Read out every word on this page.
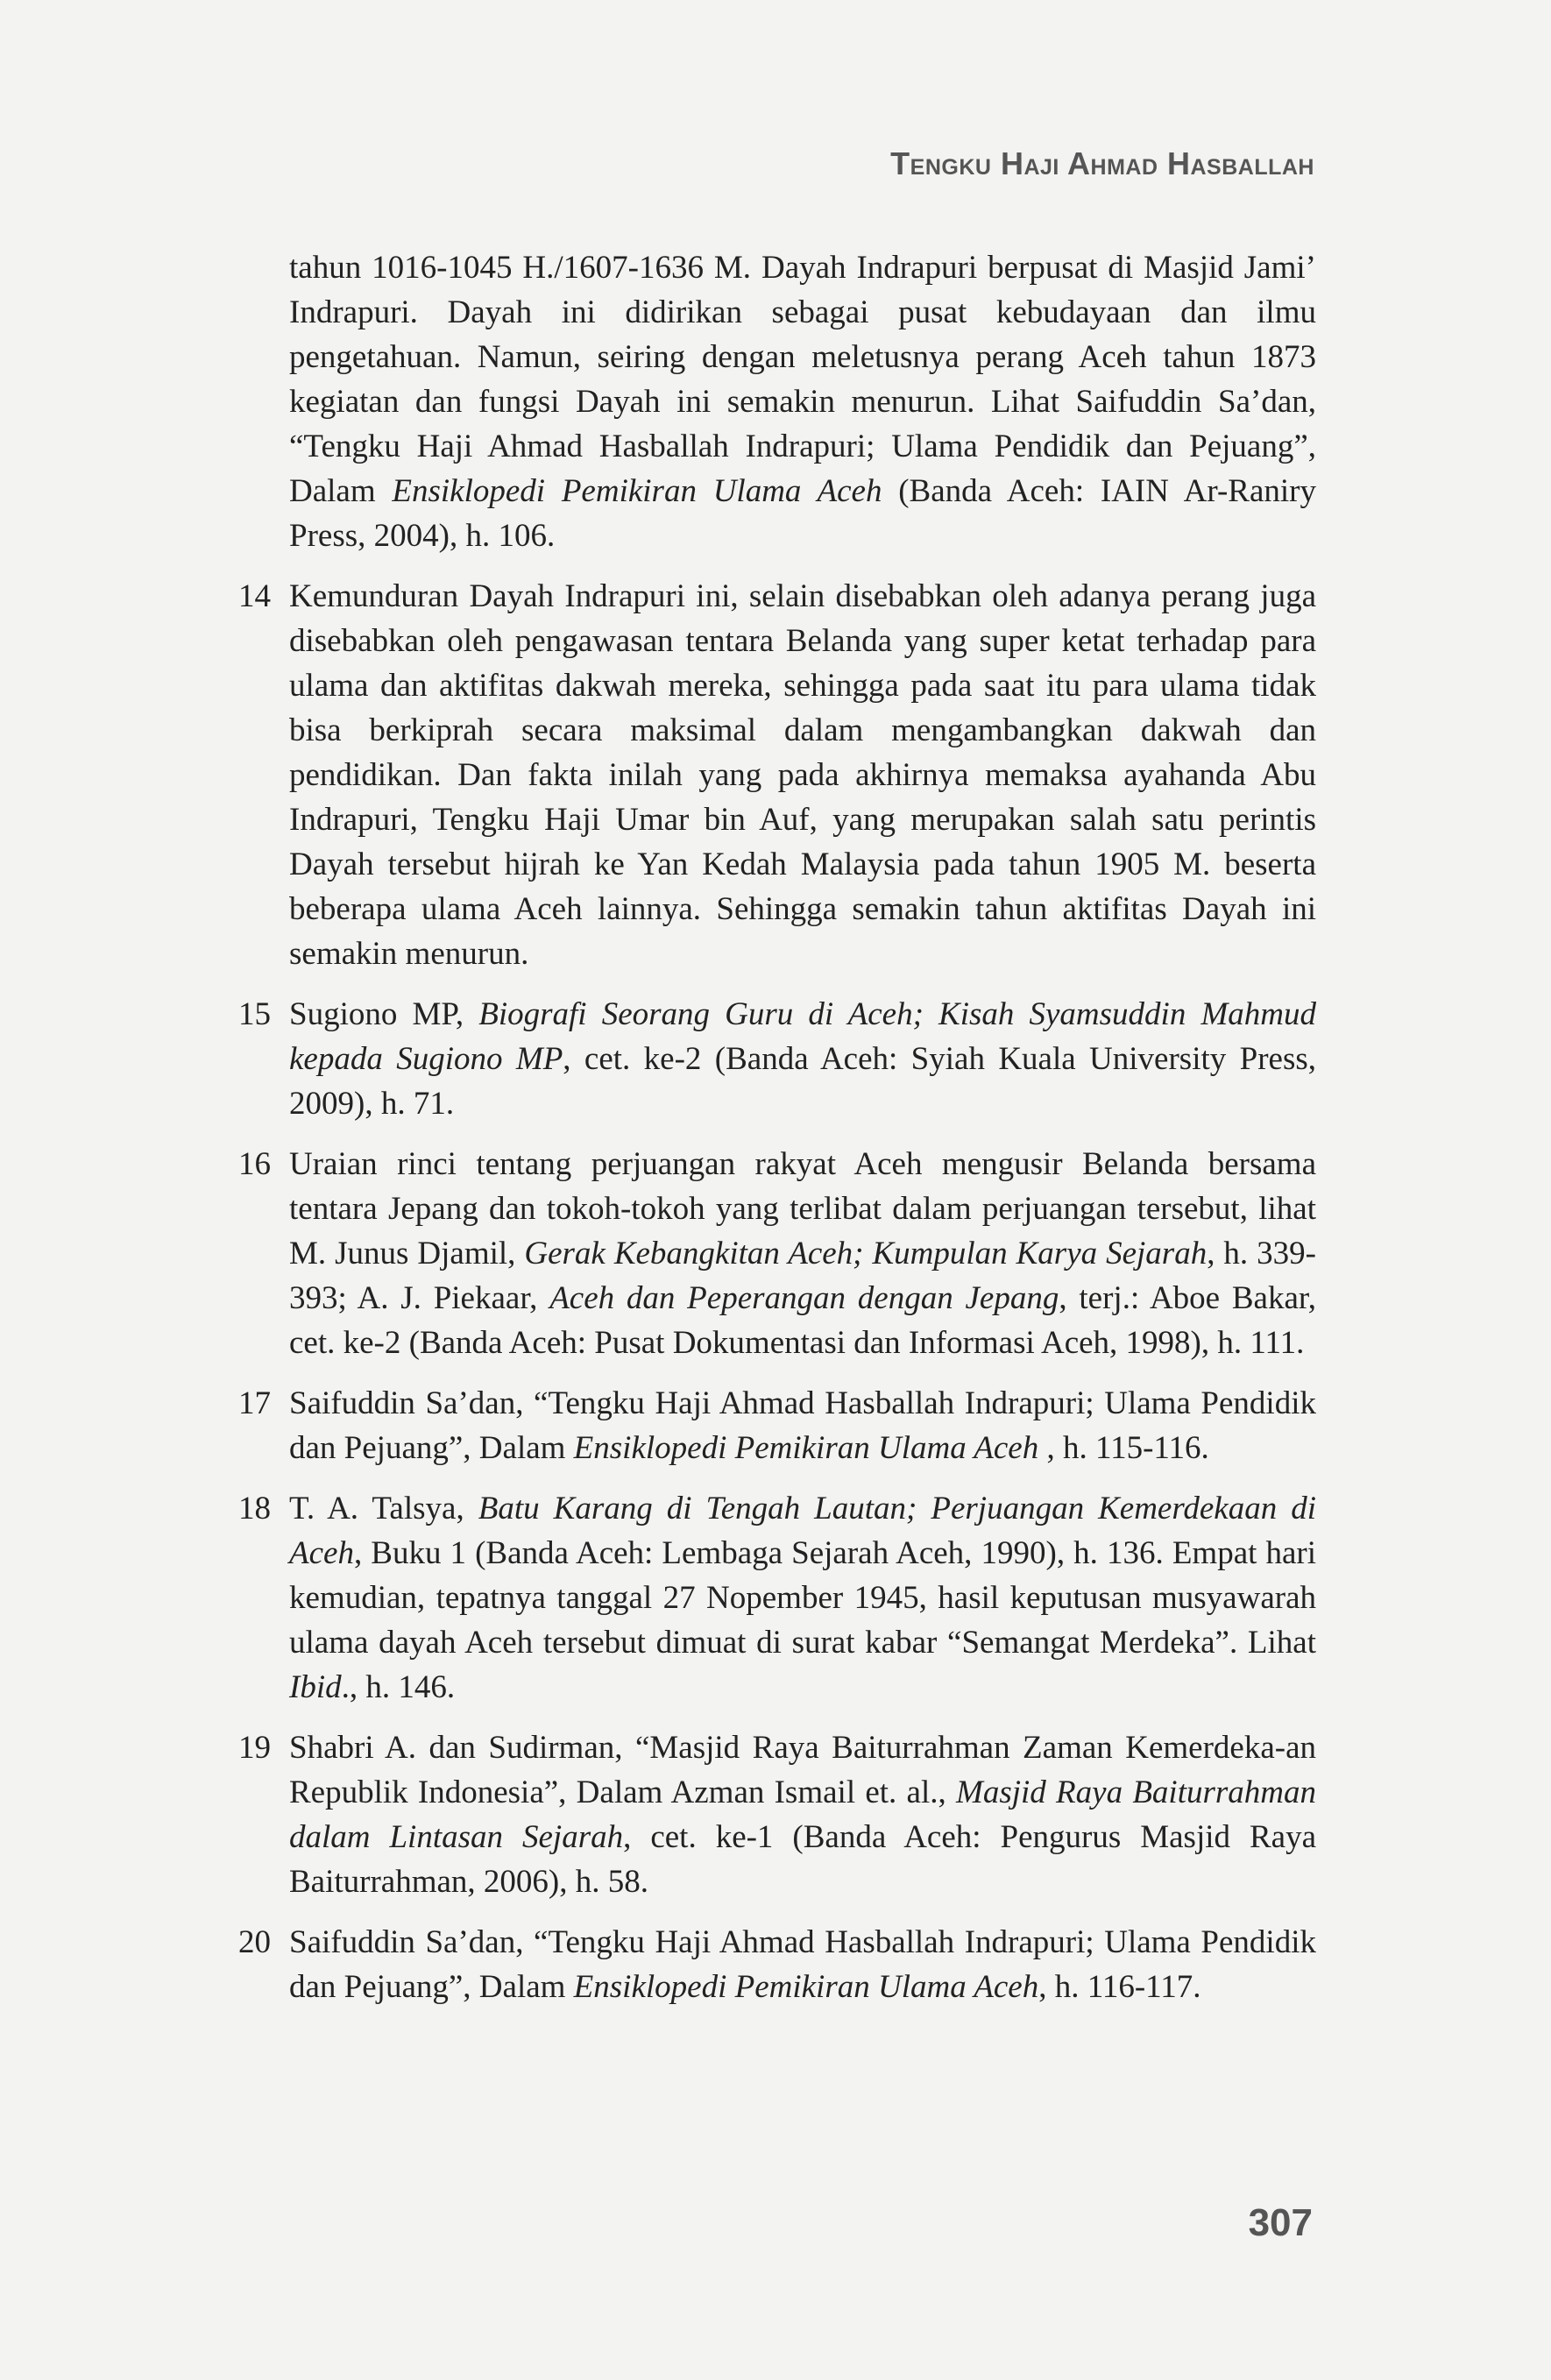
Tengku Haji Ahmad Hasballah

tahun 1016-1045 H./1607-1636 M. Dayah Indrapuri berpusat di Masjid Jami’ Indrapuri. Dayah ini didirikan sebagai pusat kebudayaan dan ilmu pengetahuan. Namun, seiring dengan meletusnya perang Aceh tahun 1873 kegiatan dan fungsi Dayah ini semakin menurun. Lihat Saifuddin Sa’dan, “Tengku Haji Ahmad Hasballah Indrapuri; Ulama Pendidik dan Pejuang”, Dalam Ensiklopedi Pemikiran Ulama Aceh (Banda Aceh: IAIN Ar-Raniry Press, 2004), h. 106.

14 Kemunduran Dayah Indrapuri ini, selain disebabkan oleh adanya perang juga disebabkan oleh pengawasan tentara Belanda yang super ketat terhadap para ulama dan aktifitas dakwah mereka, sehingga pada saat itu para ulama tidak bisa berkiprah secara maksimal dalam mengambangkan dakwah dan pendidikan. Dan fakta inilah yang pada akhirnya memaksa ayahanda Abu Indrapuri, Tengku Haji Umar bin Auf, yang merupakan salah satu perintis Dayah tersebut hijrah ke Yan Kedah Malaysia pada tahun 1905 M. beserta beberapa ulama Aceh lainnya. Sehingga semakin tahun aktifitas Dayah ini semakin menurun.

15 Sugiono MP, Biografi Seorang Guru di Aceh; Kisah Syamsuddin Mahmud kepada Sugiono MP, cet. ke-2 (Banda Aceh: Syiah Kuala University Press, 2009), h. 71.

16 Uraian rinci tentang perjuangan rakyat Aceh mengusir Belanda bersama tentara Jepang dan tokoh-tokoh yang terlibat dalam perjuangan tersebut, lihat M. Junus Djamil, Gerak Kebangkitan Aceh; Kumpulan Karya Sejarah, h. 339-393; A. J. Piekaar, Aceh dan Peperangan dengan Jepang, terj.: Aboe Bakar, cet. ke-2 (Banda Aceh: Pusat Dokumentasi dan Informasi Aceh, 1998), h. 111.

17 Saifuddin Sa’dan, “Tengku Haji Ahmad Hasballah Indrapuri; Ulama Pendidik dan Pejuang”, Dalam Ensiklopedi Pemikiran Ulama Aceh , h. 115-116.

18 T. A. Talsya, Batu Karang di Tengah Lautan; Perjuangan Kemerdekaan di Aceh, Buku 1 (Banda Aceh: Lembaga Sejarah Aceh, 1990), h. 136. Empat hari kemudian, tepatnya tanggal 27 Nopember 1945, hasil keputusan musyawarah ulama dayah Aceh tersebut dimuat di surat kabar “Semangat Merdeka”. Lihat Ibid., h. 146.

19 Shabri A. dan Sudirman, “Masjid Raya Baiturrahman Zaman Kemerdeka-an Republik Indonesia”, Dalam Azman Ismail et. al., Masjid Raya Baiturrahman dalam Lintasan Sejarah, cet. ke-1 (Banda Aceh: Pengurus Masjid Raya Baiturrahman, 2006), h. 58.

20 Saifuddin Sa’dan, “Tengku Haji Ahmad Hasballah Indrapuri; Ulama Pendidik dan Pejuang”, Dalam Ensiklopedi Pemikiran Ulama Aceh, h. 116-117.

307
